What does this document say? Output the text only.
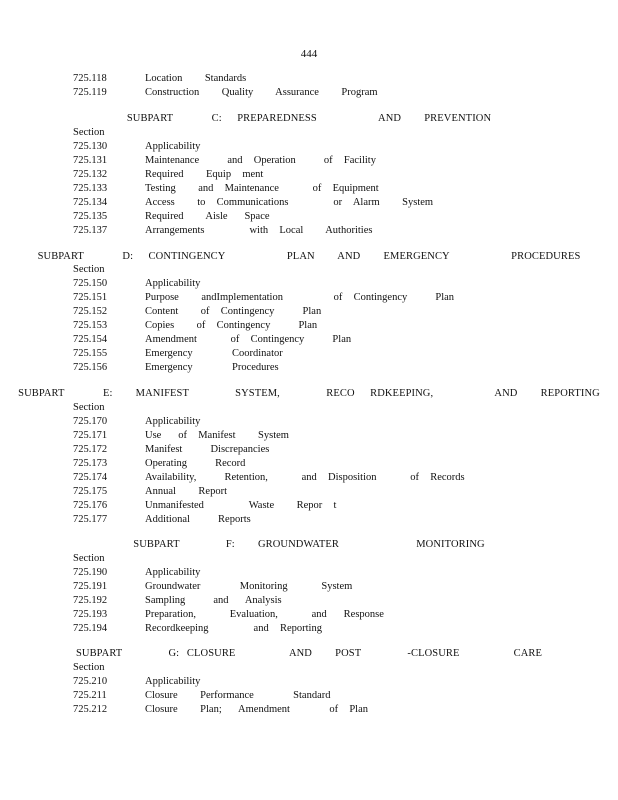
444
725.118	Location    Standards
725.119	Construction    Quality    Assurance    Program
SUBPART     C:  PREPAREDNESS        AND   PREVENTION
Section
725.130	Applicability
725.131	Maintenance     and  Operation     of  Facility
725.132	Required    Equip  ment
725.133	Testing    and  Maintenance      of  Equipment
725.134	Access    to  Communications        or  Alarm    System
725.135	Required    Aisle   Space
725.137	Arrangements        with  Local    Authorities
SUBPART     D:  CONTINGENCY        PLAN   AND   EMERGENCY        PROCEDURES
Section
725.150	Applicability
725.151	Purpose    andImplementation         of  Contingency     Plan
725.152	Content    of  Contingency     Plan
725.153	Copies    of  Contingency     Plan
725.154	Amendment      of  Contingency     Plan
725.155	Emergency       Coordinator
725.156	Emergency       Procedures
SUBPART     E:   MANIFEST      SYSTEM,      RECO  RDKEEPING,        AND   REPORTING
Section
725.170	Applicability
725.171	Use   of  Manifest    System
725.172	Manifest     Discrepancies
725.173	Operating     Record
725.174	Availability,     Retention,      and  Disposition      of  Records
725.175	Annual    Report
725.176	Unmanifested        Waste    Repor  t
725.177	Additional     Reports
SUBPART      F:   GROUNDWATER          MONITORING
Section
725.190	Applicability
725.191	Groundwater       Monitoring      System
725.192	Sampling     and   Analysis
725.193	Preparation,      Evaluation,      and   Response
725.194	Recordkeeping        and  Reporting
SUBPART      G: CLOSURE       AND   POST      -CLOSURE       CARE
Section
725.210	Applicability
725.211	Closure    Performance       Standard
725.212	Closure    Plan;   Amendment       of  Plan
